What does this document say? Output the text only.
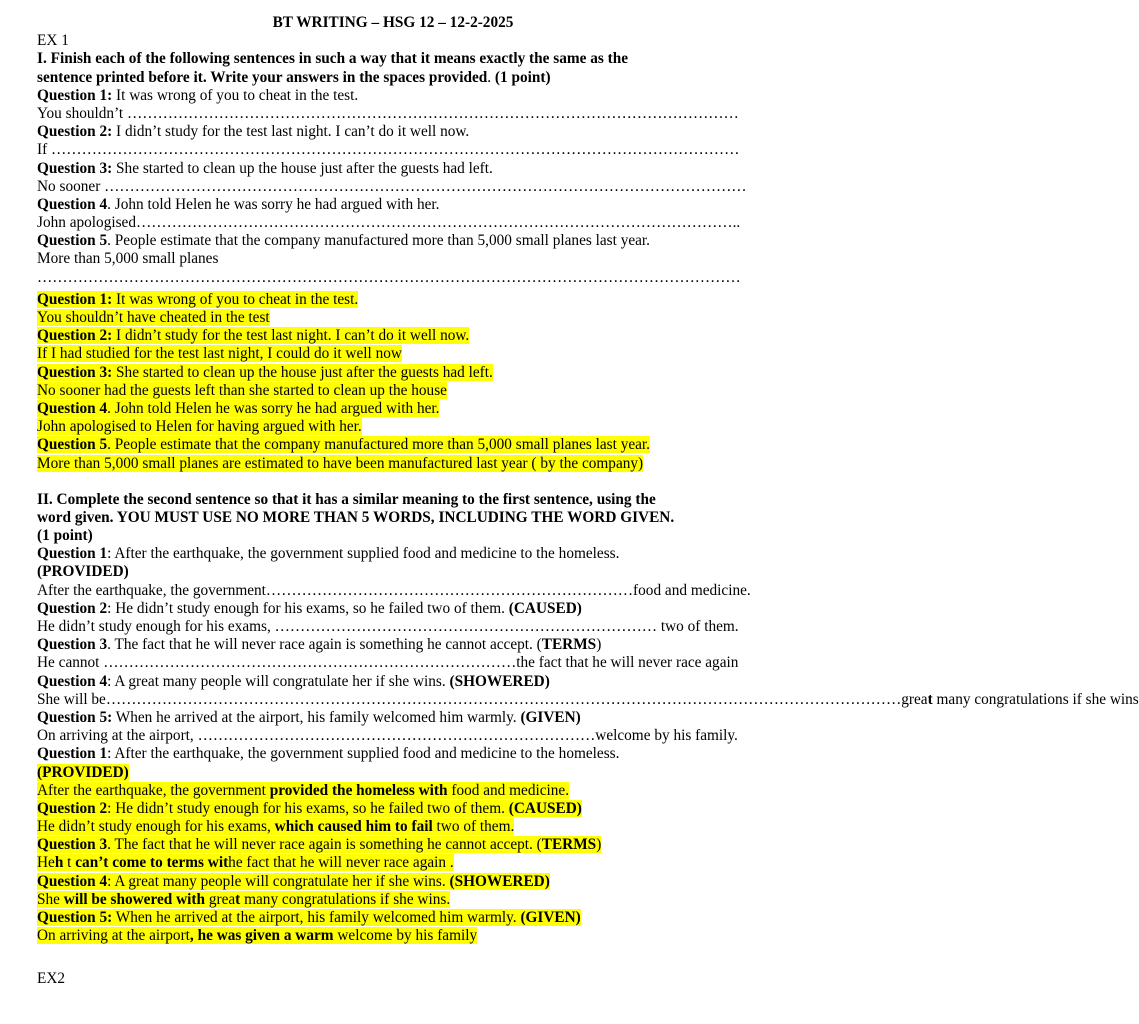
BT WRITING – HSG 12 – 12-2-2025
EX 1
I. Finish each of the following sentences in such a way that it means exactly the same as the
sentence printed before it. Write your answers in the spaces provided. (1 point)
Question 1: It was wrong of you to cheat in the test.
You shouldn’t …………………………………………………………………………………………………………
Question 2: I didn’t study for the test last night. I can’t do it well now.
If ………………………………………………………………………………………………………………………
Question 3: She started to clean up the house just after the guests had left.
No sooner ………………………………………………………………………………………………………………
Question 4. John told Helen he was sorry he had argued with her.
John apologised………………………………………………………………………………………………………..
Question 5. People estimate that the company manufactured more than 5,000 small planes last year.
More than 5,000 small planes
…………………………………………………………………………………………………………………………
Question 1: It was wrong of you to cheat in the test.
You shouldn’t have cheated in the test
Question 2: I didn’t study for the test last night. I can’t do it well now.
If I had studied for the test last night, I could do it well now
Question 3: She started to clean up the house just after the guests had left.
No sooner had the guests left than she started to clean up the house
Question 4. John told Helen he was sorry he had argued with her.
John apologised to Helen for having argued with her.
Question 5. People estimate that the company manufactured more than 5,000 small planes last year.
More than 5,000 small planes are estimated to have been manufactured last year ( by the company)
II. Complete the second sentence so that it has a similar meaning to the first sentence, using the
word given. YOU MUST USE NO MORE THAN 5 WORDS, INCLUDING THE WORD GIVEN.
(1 point)
Question 1: After the earthquake, the government supplied food and medicine to the homeless.
(PROVIDED)
After the earthquake, the government………………………………………………………………food and medicine.
Question 2: He didn’t study enough for his exams, so he failed two of them. (CAUSED)
He didn’t study enough for his exams, ………………………………………………………………… two of them.
Question 3. The fact that he will never race again is something he cannot accept. (TERMS)
He cannot ………………………………………………………………………the fact that he will never race again
Question 4: A great many people will congratulate her if she wins. (SHOWERED)
She will be…………………………………………………………………………………………………………………………………………great many congratulations if she wins
Question 5: When he arrived at the airport, his family welcomed him warmly. (GIVEN)
On arriving at the airport, ……………………………………………………………………welcome by his family.
Question 1: After the earthquake, the government supplied food and medicine to the homeless.
(PROVIDED)
After the earthquake, the government provided the homeless with food and medicine.
Question 2: He didn’t study enough for his exams, so he failed two of them. (CAUSED)
He didn’t study enough for his exams, which caused him to fail two of them.
Question 3. The fact that he will never race again is something he cannot accept. (TERMS)
Heh t can’t come to terms withe fact that he will never race again .
Question 4: A great many people will congratulate her if she wins. (SHOWERED)
She will be showered with great many congratulations if she wins.
Question 5: When he arrived at the airport, his family welcomed him warmly. (GIVEN)
On arriving at the airport, he was given a warm welcome by his family
EX2
